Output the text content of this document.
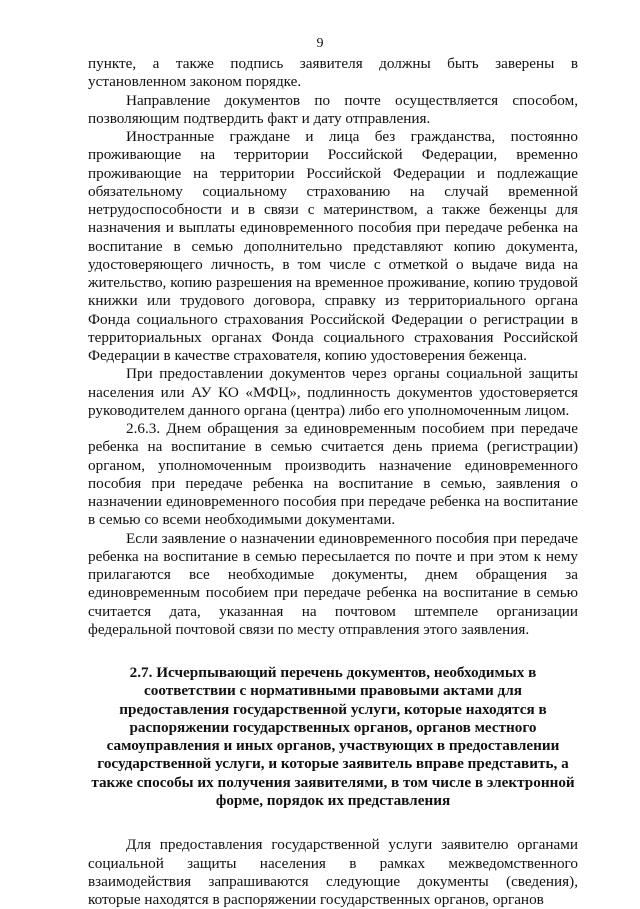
9

пункте, а также подпись заявителя должны быть заверены в установленном законом порядке.

Направление документов по почте осуществляется способом, позволяющим подтвердить факт и дату отправления.

Иностранные граждане и лица без гражданства, постоянно проживающие на территории Российской Федерации, временно проживающие на территории Российской Федерации и подлежащие обязательному социальному страхованию на случай временной нетрудоспособности и в связи с материнством, а также беженцы для назначения и выплаты единовременного пособия при передаче ребенка на воспитание в семью дополнительно представляют копию документа, удостоверяющего личность, в том числе с отметкой о выдаче вида на жительство, копию разрешения на временное проживание, копию трудовой книжки или трудового договора, справку из территориального органа Фонда социального страхования Российской Федерации о регистрации в территориальных органах Фонда социального страхования Российской Федерации в качестве страхователя, копию удостоверения беженца.

При предоставлении документов через органы социальной защиты населения или АУ КО «МФЦ», подлинность документов удостоверяется руководителем данного органа (центра) либо его уполномоченным лицом.

2.6.3. Днем обращения за единовременным пособием при передаче ребенка на воспитание в семью считается день приема (регистрации) органом, уполномоченным производить назначение единовременного пособия при передаче ребенка на воспитание в семью, заявления о назначении единовременного пособия при передаче ребенка на воспитание в семью со всеми необходимыми документами.

Если заявление о назначении единовременного пособия при передаче ребенка на воспитание в семью пересылается по почте и при этом к нему прилагаются все необходимые документы, днем обращения за единовременным пособием при передаче ребенка на воспитание в семью считается дата, указанная на почтовом штемпеле организации федеральной почтовой связи по месту отправления этого заявления.

2.7. Исчерпывающий перечень документов, необходимых в соответствии с нормативными правовыми актами для предоставления государственной услуги, которые находятся в распоряжении государственных органов, органов местного самоуправления и иных органов, участвующих в предоставлении государственной услуги, и которые заявитель вправе представить, а также способы их получения заявителями, в том числе в электронной форме, порядок их представления

Для предоставления государственной услуги заявителю органами социальной защиты населения в рамках межведомственного взаимодействия запрашиваются следующие документы (сведения), которые находятся в распоряжении государственных органов, органов
